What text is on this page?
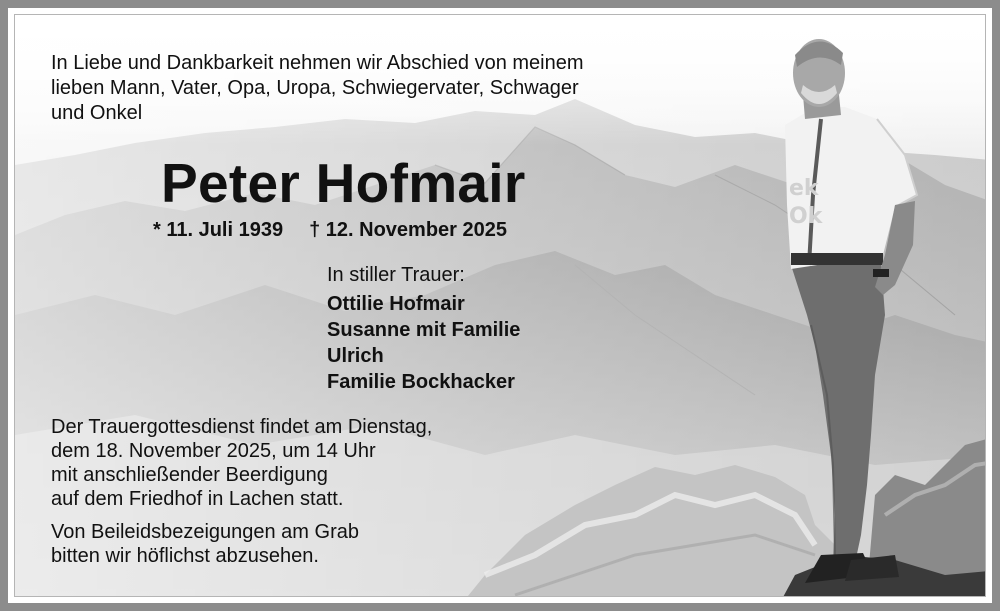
ek
Ok
In Liebe und Dankbarkeit nehmen wir Abschied von meinem
lieben Mann, Vater, Opa, Uropa, Schwiegervater, Schwager
und Onkel
Peter Hofmair
* 11. Juli 1939 † 12. November 2025
In stiller Trauer:
Ottilie Hofmair
Susanne mit Familie
Ulrich
Familie Bockhacker
Der Trauergottesdienst findet am Dienstag,
dem 18. November 2025, um 14 Uhr
mit anschließender Beerdigung
auf dem Friedhof in Lachen statt.
Von Beileidsbezeigungen am Grab
bitten wir höflichst abzusehen.
